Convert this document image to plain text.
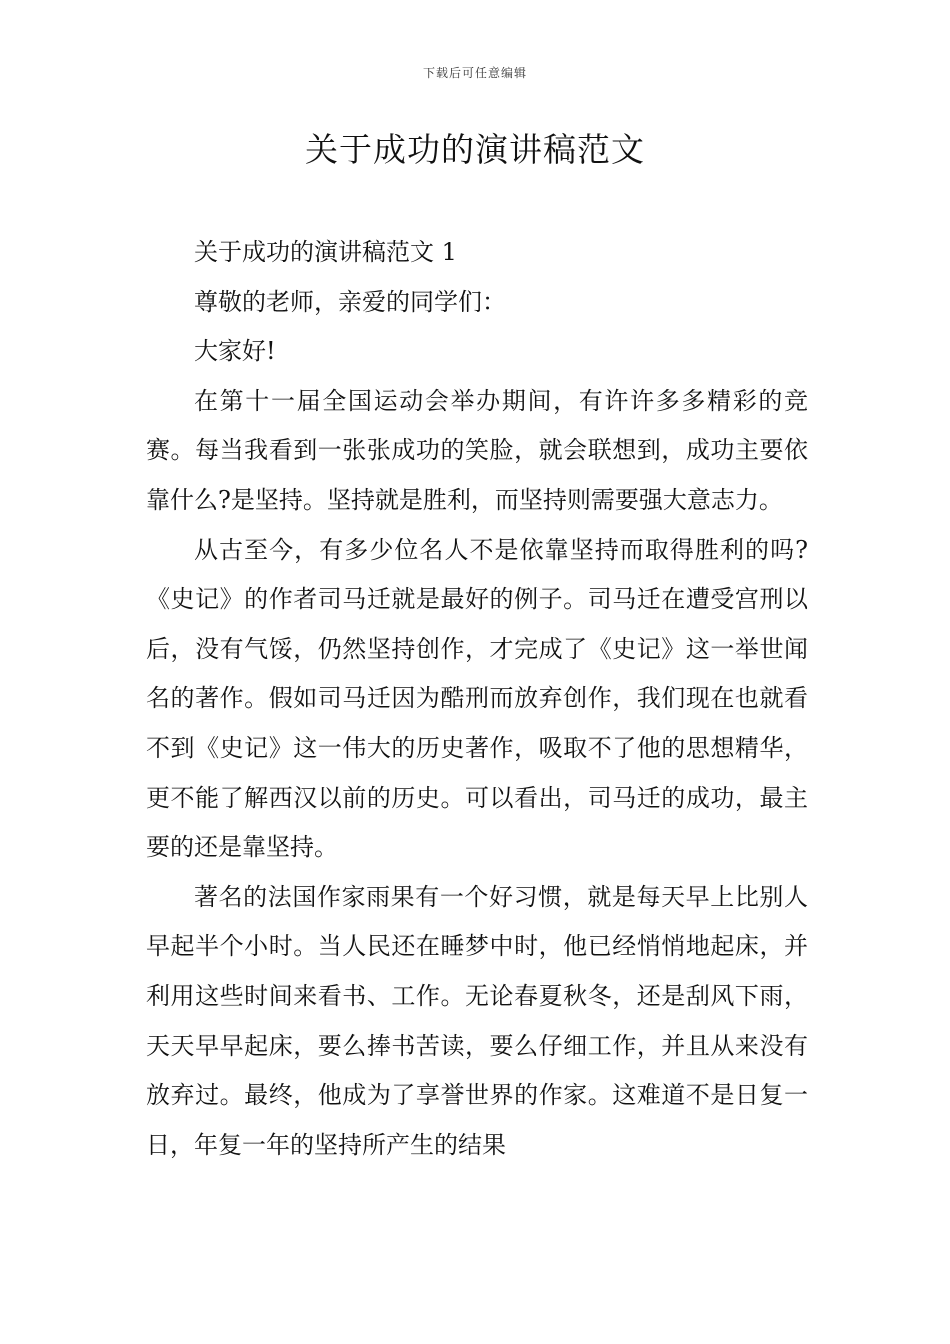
下载后可任意编辑
关于成功的演讲稿范文

关于成功的演讲稿范文 1

尊敬的老师，亲爱的同学们：

大家好!

在第十一届全国运动会举办期间，有许许多多精彩的竞赛。每当我看到一张张成功的笑脸，就会联想到，成功主要依靠什么?是坚持。坚持就是胜利，而坚持则需要强大意志力。

从古至今，有多少位名人不是依靠坚持而取得胜利的吗?《史记》的作者司马迁就是最好的例子。司马迁在遭受宫刑以后，没有气馁，仍然坚持创作，才完成了《史记》这一举世闻名的著作。假如司马迁因为酷刑而放弃创作，我们现在也就看不到《史记》这一伟大的历史著作，吸取不了他的思想精华，更不能了解西汉以前的历史。可以看出，司马迁的成功，最主要的还是靠坚持。

著名的法国作家雨果有一个好习惯，就是每天早上比别人早起半个小时。当人民还在睡梦中时，他已经悄悄地起床，并利用这些时间来看书、工作。无论春夏秋冬，还是刮风下雨，天天早早起床，要么捧书苦读，要么仔细工作，并且从来没有放弃过。最终，他成为了享誉世界的作家。这难道不是日复一日，年复一年的坚持所产生的结果
